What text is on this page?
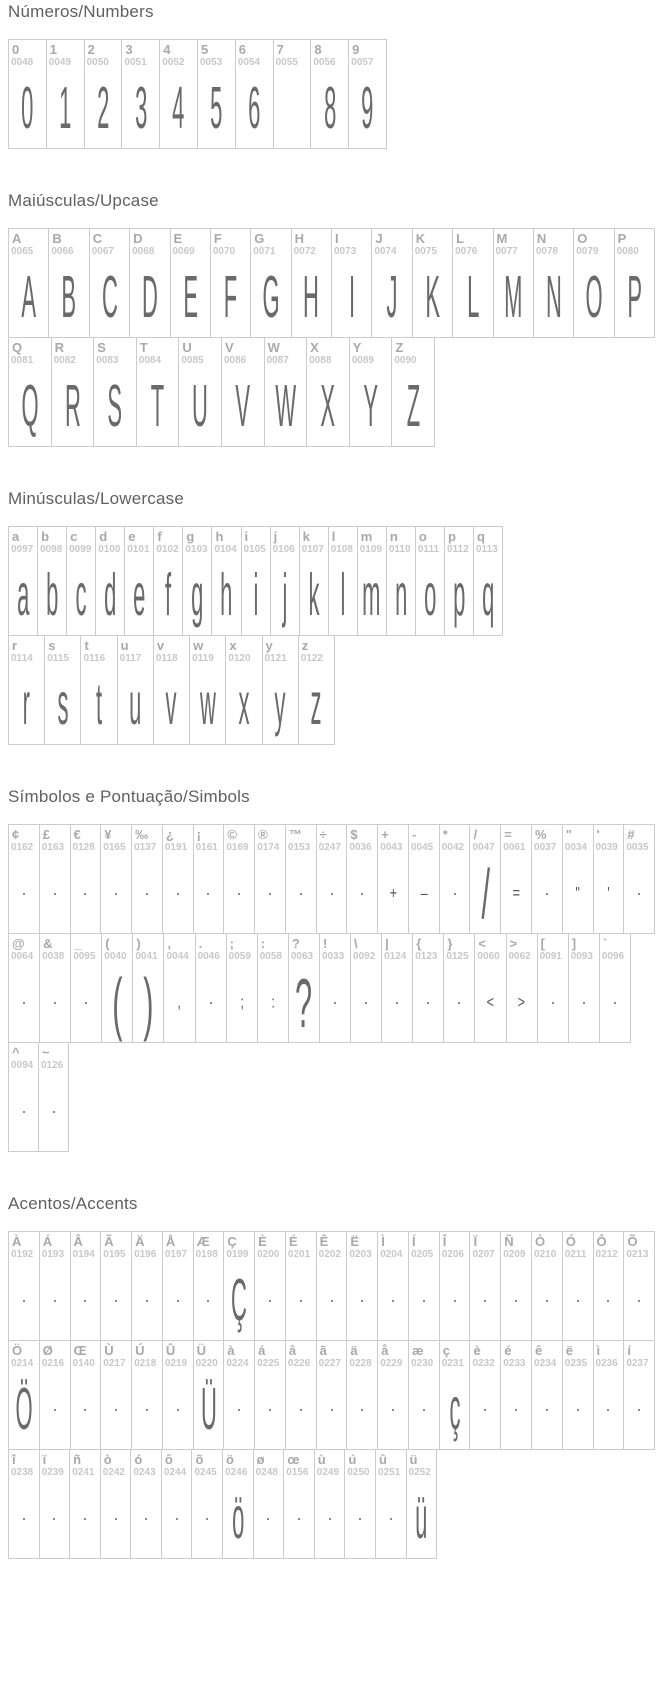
Números/Numbers
0
0048
0
1
0049
1
2
0050
2
3
0051
3
4
0052
4
5
0053
5
6
0054
6
7
0055
8
0056
8
9
0057
9
Maiúsculas/Upcase
A
0065
A
B
0066
B
C
0067
C
D
0068
D
E
0069
E
F
0070
F
G
0071
G
H
0072
H
I
0073
I
J
0074
J
K
0075
K
L
0076
L
M
0077
M
N
0078
N
O
0079
O
P
0080
P
Q
0081
Q
R
0082
R
S
0083
S
T
0084
T
U
0085
U
V
0086
V
W
0087
W
X
0088
X
Y
0089
Y
Z
0090
Z
Minúsculas/Lowercase
a
0097
a
b
0098
b
c
0099
c
d
0100
d
e
0101
e
f
0102
f
g
0103
g
h
0104
h
i
0105
i
j
0106
j
k
0107
k
l
0108
l
m
0109
m
n
0110
n
o
0111
o
p
0112
p
q
0113
q
r
0114
r
s
0115
s
t
0116
t
u
0117
u
v
0118
v
w
0119
w
x
0120
x
y
0121
y
z
0122
z
Símbolos e Pontuação/Simbols
¢
0162
£
0163
€
0128
¥
0165
‰
0137
¿
0191
¡
0161
©
0169
®
0174
™
0153
÷
0247
$
0036
+
0043
+
-
0045
–
*
0042
/
0047
/
=
0061
=
%
0037
"
0034
"
'
0039
'
#
0035
@
0064
&
0038
_
0095
(
0040
(
)
0041
)
,
0044
,
.
0046
;
0059
;
:
0058
:
?
0063
?
!
0033
\
0092
|
0124
{
0123
}
0125
<
0060
<
>
0062
>
[
0091
]
0093
`
0096
^
0094
~
0126
Acentos/Accents
À
0192
Á
0193
Â
0194
Ã
0195
Ä
0196
Å
0197
Æ
0198
Ç
0199
Ç
È
0200
É
0201
Ê
0202
Ë
0203
Ì
0204
Í
0205
Î
0206
Ï
0207
Ñ
0209
Ò
0210
Ó
0211
Ô
0212
Õ
0213
Ö
0214
Ö
Ø
0216
Œ
0140
Ù
0217
Ú
0218
Û
0219
Ü
0220
Ü
à
0224
á
0225
â
0226
ã
0227
ä
0228
å
0229
æ
0230
ç
0231
ç
è
0232
é
0233
ê
0234
ë
0235
ì
0236
í
0237
î
0238
ï
0239
ñ
0241
ò
0242
ó
0243
ô
0244
õ
0245
ö
0246
ö
ø
0248
œ
0156
ù
0249
ú
0250
û
0251
ü
0252
ü
